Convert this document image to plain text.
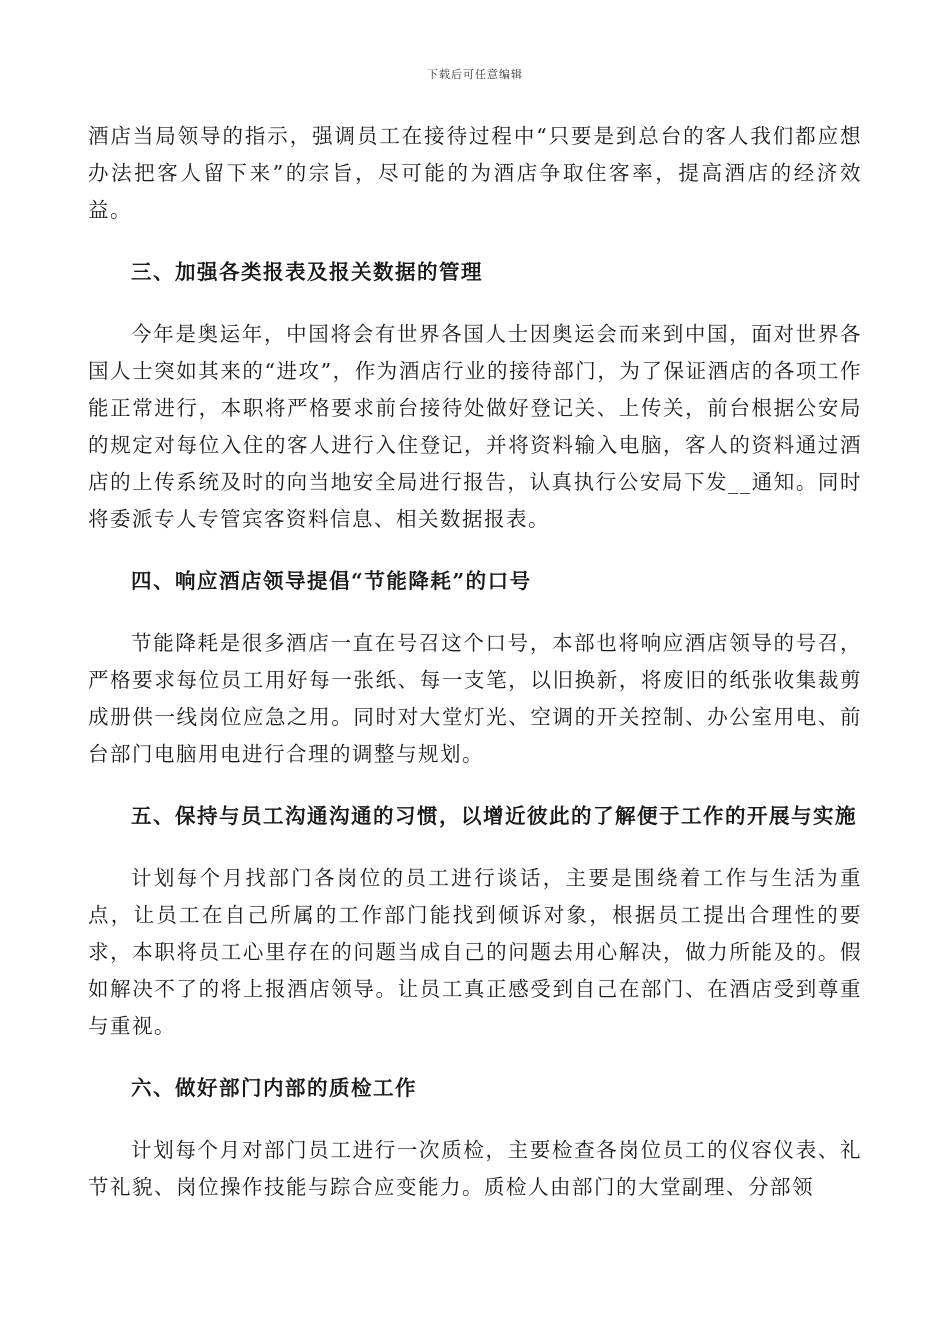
下载后可任意编辑

酒店当局领导的指示，强调员工在接待过程中“只要是到总台的客人我们都应想办法把客人留下来”的宗旨，尽可能的为酒店争取住客率，提高酒店的经济效益。

三、加强各类报表及报关数据的管理

今年是奥运年，中国将会有世界各国人士因奥运会而来到中国，面对世界各国人士突如其来的“进攻”，作为酒店行业的接待部门，为了保证酒店的各项工作能正常进行，本职将严格要求前台接待处做好登记关、上传关，前台根据公安局的规定对每位入住的客人进行入住登记，并将资料输入电脑，客人的资料通过酒店的上传系统及时的向当地安全局进行报告，认真执行公安局下发__通知。同时将委派专人专管宾客资料信息、相关数据报表。

四、响应酒店领导提倡“节能降耗”的口号

节能降耗是很多酒店一直在号召这个口号，本部也将响应酒店领导的号召，严格要求每位员工用好每一张纸、每一支笔，以旧换新，将废旧的纸张收集裁剪成册供一线岗位应急之用。同时对大堂灯光、空调的开关控制、办公室用电、前台部门电脑用电进行合理的调整与规划。

五、保持与员工沟通沟通的习惯，以增近彼此的了解便于工作的开展与实施

计划每个月找部门各岗位的员工进行谈话，主要是围绕着工作与生活为重点，让员工在自己所属的工作部门能找到倾诉对象，根据员工提出合理性的要求，本职将员工心里存在的问题当成自己的问题去用心解决，做力所能及的。假如解决不了的将上报酒店领导。让员工真正感受到自己在部门、在酒店受到尊重与重视。

六、做好部门内部的质检工作

计划每个月对部门员工进行一次质检，主要检查各岗位员工的仪容仪表、礼节礼貌、岗位操作技能与踪合应变能力。质检人由部门的大堂副理、分部领
